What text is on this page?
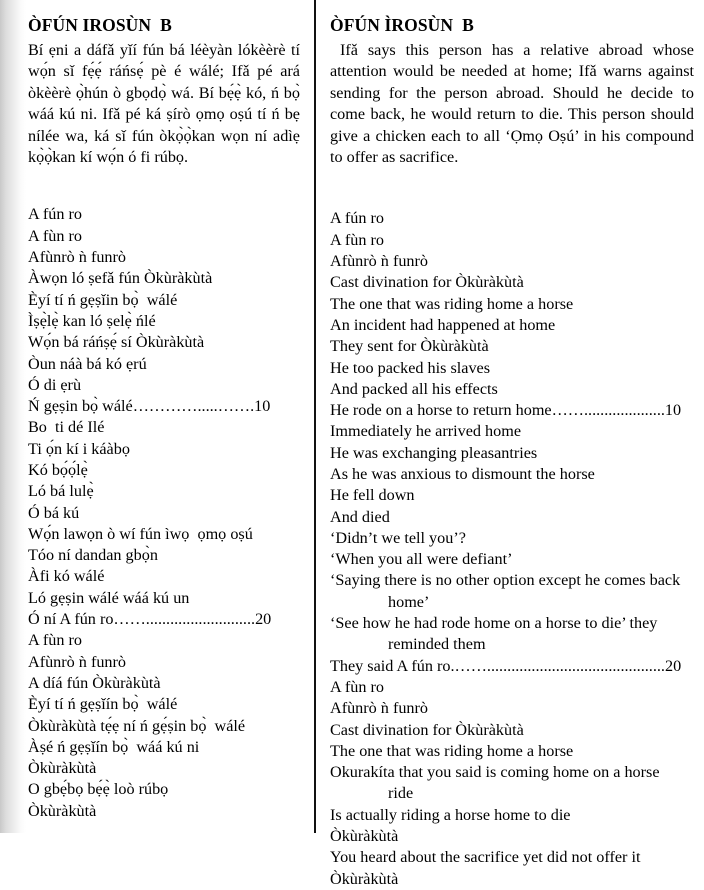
ÒFÚN IROSÙN  B

Bí ẹni a dáfǎ yǐí fún bá léèyàn lókèèrè tí wọ́n sǐ fẹ́ẹ́ ráńsẹ́ pè é wálé; Ifǎ pé ará òkèèrè ọ̀hún ò gbọdọ̀ wá. Bí bẹ́ẹ̀ kó, ń bọ̀ wáá kú ni. Ifǎ pé ká ṣírò ọmọ oṣú tí ń bẹ nílée wa, ká sǐ fún òkọ̀ọ̀kan wọn ní adìẹ kọ̀ọ̀kan kí wọ́n ó fi rúbọ.

A fún ro
A fùn ro
Afùnrò ǹ funrò
Àwọn ló ṣefǎ fún Òkùràkùtà
Èyí tí ń gẹṣǐin bọ̀  wálé
Ìṣẹ̀lẹ̀ kan ló ṣelẹ̀ ńlé
Wọ́n bá ráńṣẹ́ sí Òkùràkùtà
Òun náà bá kó ẹrú
Ó di ẹrù
Ń gẹṣin bọ̀ wálé………….....…….10
Bo  ti dé Ilé
Ti ọ́n kí i káàbọ
Kó bọ́ọ́lẹ̀
Ló bá lulẹ̀
Ó bá kú
Wọ́n lawọn ò wí fún ìwọ  ọmọ oṣú
Tóo ní dandan gbọ̀n
Àfi kó wálé
Ló gẹṣin wálé wáá kú un
Ó ní A fún ro……...........................20
A fùn ro
Afùnrò ǹ funrò
A díá fún Òkùràkùtà
Èyí tí ń gẹṣǐín bọ̀  wálé
Òkùràkùtà tẹ́ẹ ní ń gẹ́ṣin bọ̀  wálé
Àṣé ń gẹṣǐín bọ̀  wáá kú ni
Òkùràkùtà
O gbẹ́bọ bẹ́ẹ̀ loò rúbọ
Òkùràkùtà
ÒFÚN ÌROSÙN  B

Ifǎ says this person has a relative abroad whose attention would be needed at home; Ifǎ warns against sending for the person abroad. Should he decide to come back, he would return to die. This person should give a chicken each to all ‘Ọmọ Oṣú’ in his compound to offer as sacrifice.

A fún ro
A fùn ro
Afùnrò ǹ funrò
Cast divination for Òkùràkùtà
The one that was riding home a horse
An incident had happened at home
They sent for Òkùràkùtà
He too packed his slaves
And packed all his effects
He rode on a horse to return home……....................10
Immediately he arrived home
He was exchanging pleasantries
As he was anxious to dismount the horse
He fell down
And died
‘Didn’t we tell you’?
‘When you all were defiant’
‘Saying there is no other option except he comes back
home’
‘See how he had rode home on a horse to die’ they
reminded them
They said A fún ro.……............................................20
A fùn ro
Afùnrò ǹ funrò
Cast divination for Òkùràkùtà
The one that was riding home a horse
Okurakíta that you said is coming home on a horse
ride
Is actually riding a horse home to die
Òkùràkùtà
You heard about the sacrifice yet did not offer it
Òkùràkùtà
